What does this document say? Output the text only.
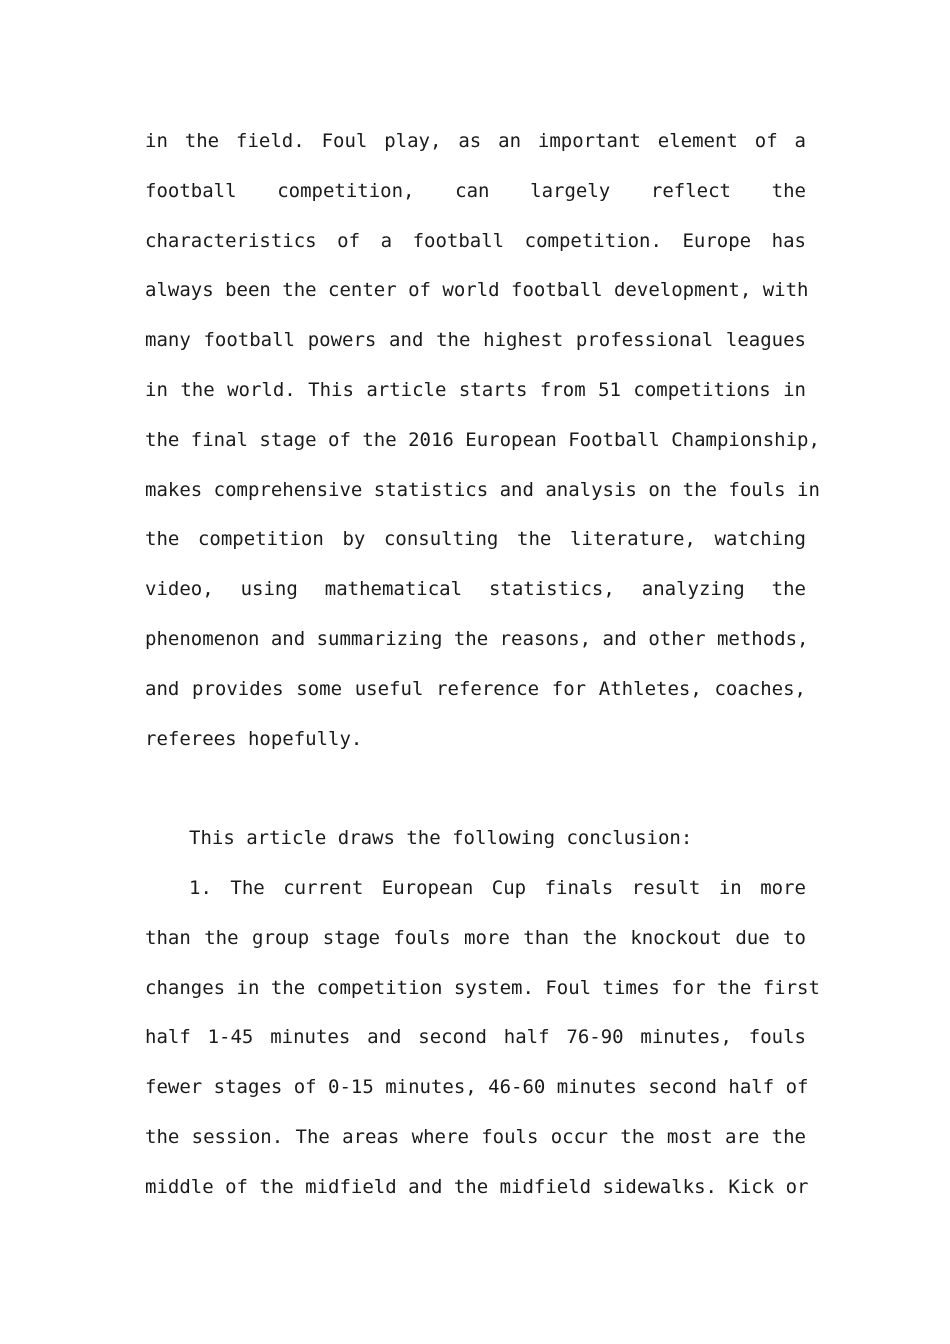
in the field. Foul play, as an important element of a
football competition, can largely reflect the
characteristics of a football competition. Europe has
always been the center of world football development, with
many football powers and the highest professional leagues
in the world. This article starts from 51 competitions in
the final stage of the 2016 European Football Championship,
makes comprehensive statistics and analysis on the fouls in
the competition by consulting the literature, watching
video, using mathematical statistics, analyzing the
phenomenon and summarizing the reasons, and other methods,
and provides some useful reference for Athletes, coaches,
referees hopefully.
This article draws the following conclusion:
1. The current European Cup finals result in more
than the group stage fouls more than the knockout due to
changes in the competition system. Foul times for the first
half 1-45 minutes and second half 76-90 minutes, fouls
fewer stages of 0-15 minutes, 46-60 minutes second half of
the session. The areas where fouls occur the most are the
middle of the midfield and the midfield sidewalks. Kick or
